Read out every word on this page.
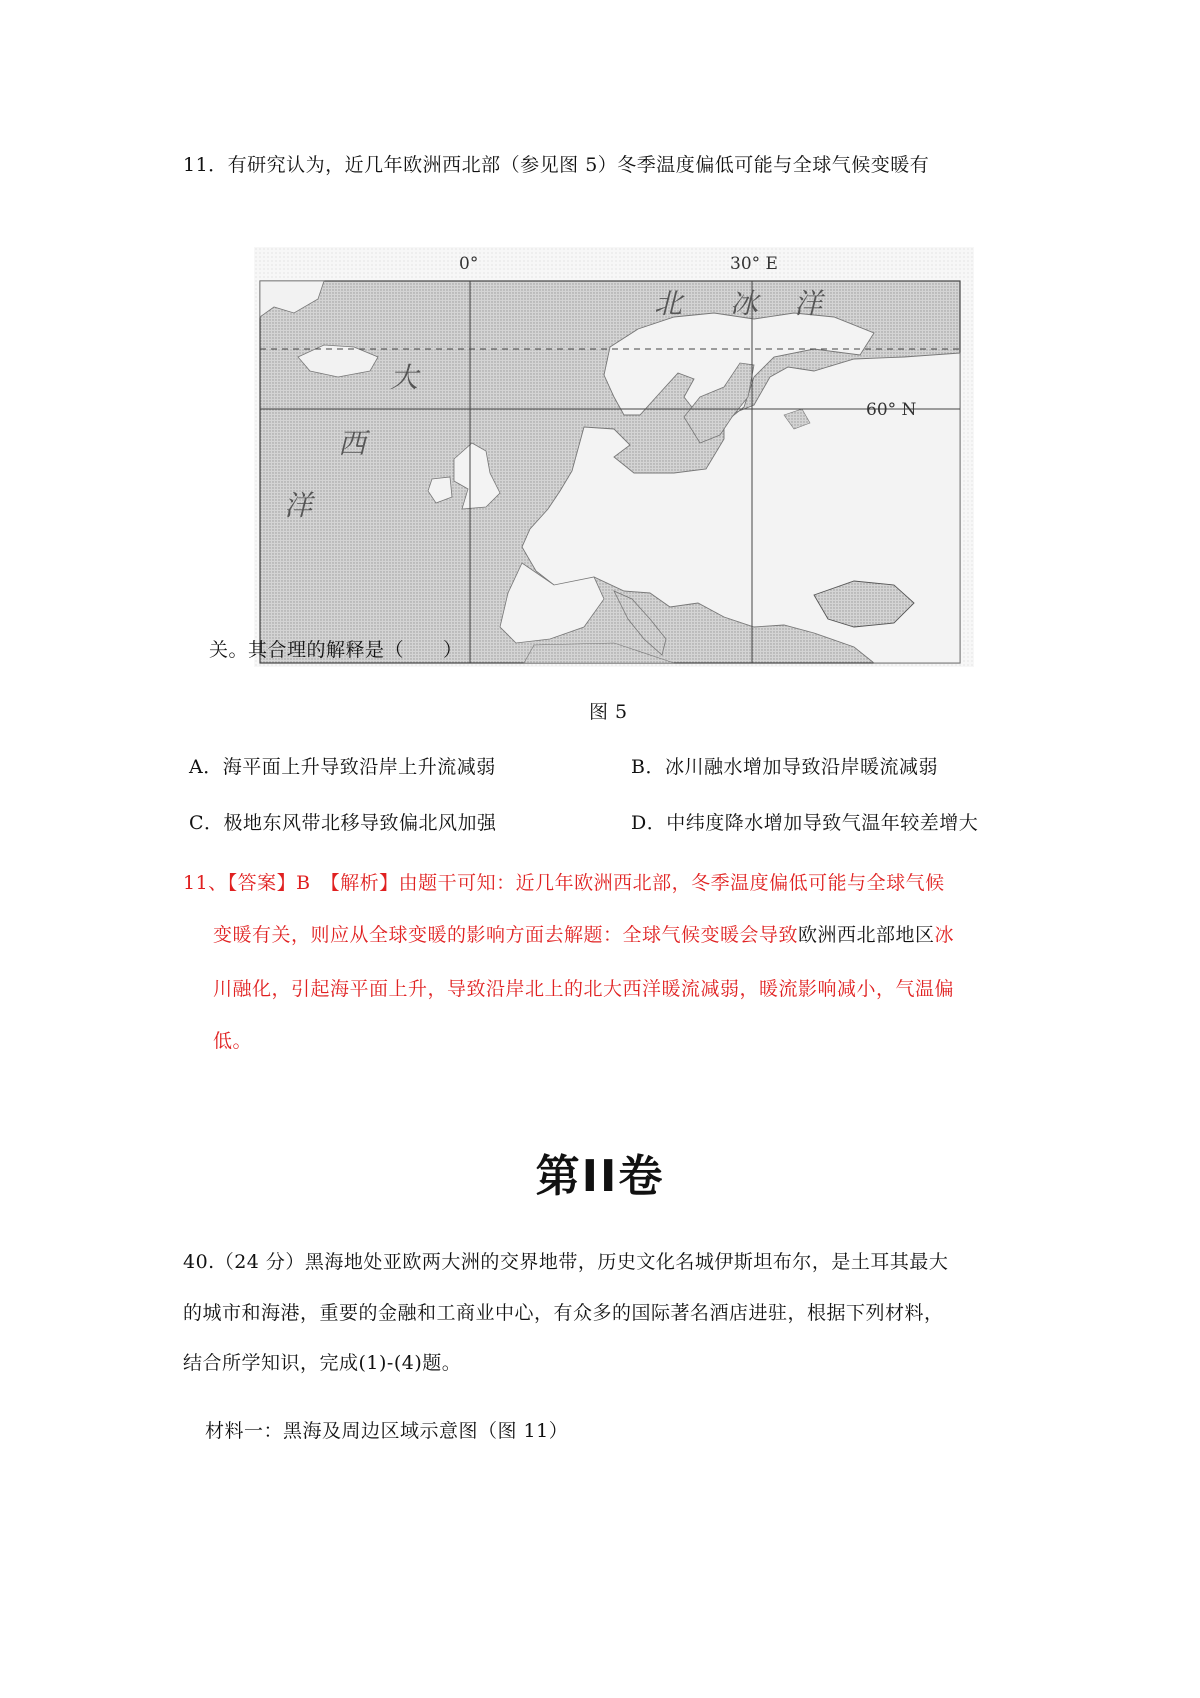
11．有研究认为，近几年欧洲西北部（参见图 5）冬季温度偏低可能与全球气候变暖有
0°	30° E
60° N
北 冰 洋
大
西
洋
关。其合理的解释是（　　）
图 5
A．海平面上升导致沿岸上升流减弱	B．冰川融水增加导致沿岸暖流减弱
C．极地东风带北移导致偏北风加强	D．中纬度降水增加导致气温年较差增大
11、【答案】B　【解析】由题干可知：近几年欧洲西北部，冬季温度偏低可能与全球气候
变暖有关，则应从全球变暖的影响方面去解题：全球气候变暖会导致欧洲西北部地区冰
川融化，引起海平面上升，导致沿岸北上的北大西洋暖流减弱，暖流影响减小，气温偏
低。
第II卷
40.（24 分）黑海地处亚欧两大洲的交界地带，历史文化名城伊斯坦布尔，是土耳其最大
的城市和海港，重要的金融和工商业中心，有众多的国际著名酒店进驻，根据下列材料，
结合所学知识，完成(1)-(4)题。
材料一：黑海及周边区域示意图（图 11）
